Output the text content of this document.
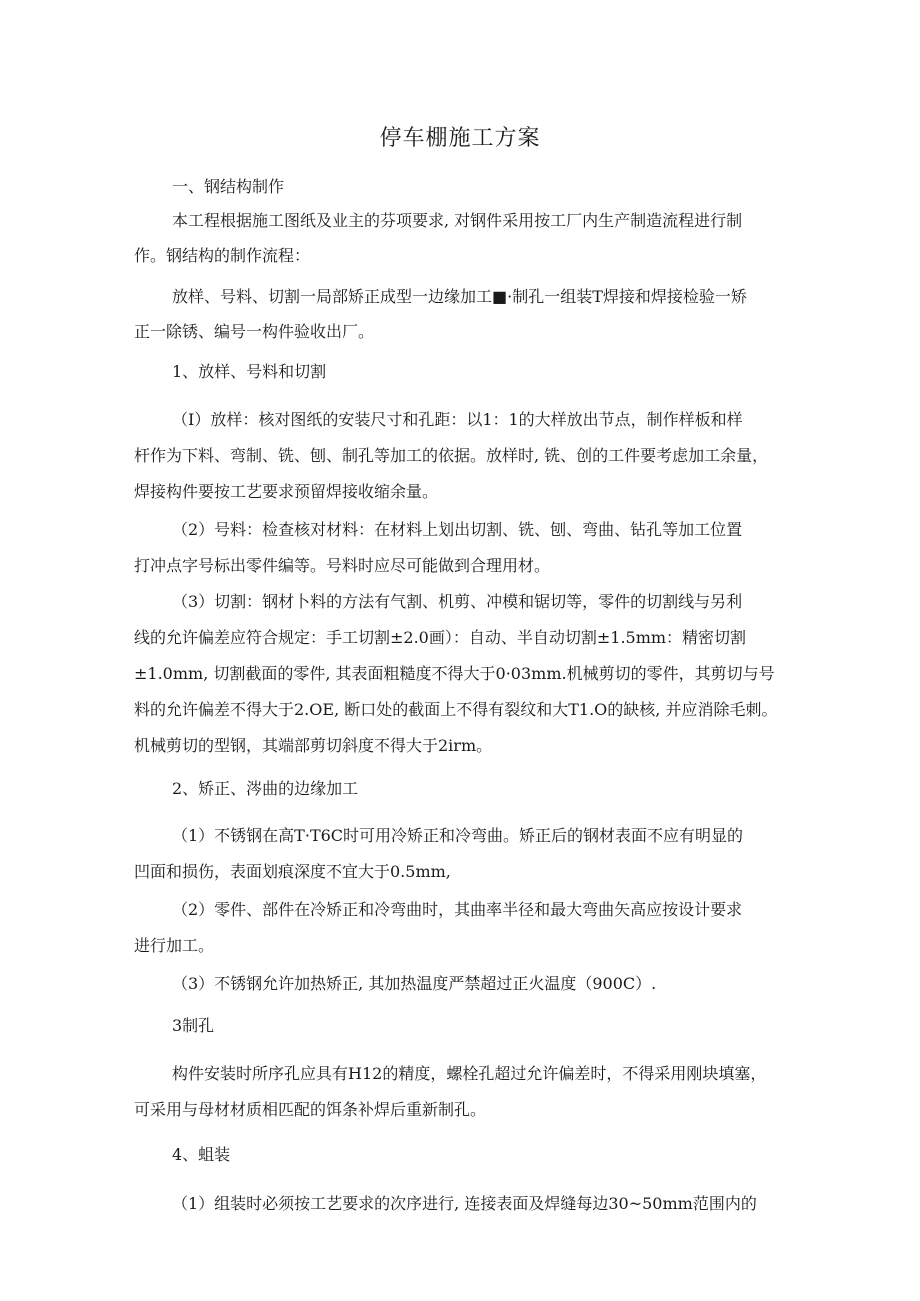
停车棚施工方案
一、钢结构制作
本工程根据施工图纸及业主的芬项要求, 对钢件采用按工厂内生产制造流程进行制
作。钢结构的制作流程：
放样、号料、切割一局部矫正成型一边缘加工■·制孔一组装T焊接和焊接检验一矫
正一除锈、编号一构件验收出厂。
1、放样、号料和切割
（I）放样：核对图纸的安装尺寸和孔距：以1：1的大样放出节点，制作样板和样
杆作为下料、弯制、铣、刨、制孔等加工的依据。放样时, 铣、创的工件要考虑加工余量，
焊接构件要按工艺要求预留焊接收缩余量。
（2）号料：检查核对材料：在材料上划出切割、铣、刨、弯曲、钻孔等加工位置
打冲点字号标出零件编等。号料时应尽可能做到合理用材。
（3）切割：钢材卜料的方法有气割、机剪、冲模和锯切等，零件的切割线与另利
线的允许偏差应符合规定：手工切割±2.0画）：自动、半自动切割±1.5mm：精密切割
±1.0mm, 切割截面的零件, 其表面粗糙度不得大于0·03mm.机械剪切的零件，其剪切与号
料的允许偏差不得大于2.OE, 断口处的截面上不得有裂纹和大T1.O的缺核, 并应消除毛刺。
机械剪切的型钢，其端部剪切斜度不得大于2irm。
2、矫正、涔曲的边缘加工
（1）不锈钢在高T·T6C时可用冷矫正和冷弯曲。矫正后的钢材表面不应有明显的
凹面和损伤，表面划痕深度不宜大于0.5mm,
（2）零件、部件在冷矫正和冷弯曲时，其曲率半径和最大弯曲矢高应按设计要求
进行加工。
（3）不锈钢允许加热矫正, 其加热温度严禁超过正火温度（900C）.
3制孔
构件安装时所序孔应具有H12的精度，螺栓孔超过允许偏差时，不得采用刚块填塞，
可采用与母材材质相匹配的饵条补焊后重新制孔。
4、蛆装
（1）组装时必须按工艺要求的次序进行, 连接表面及焊缝每边30~50mm范围内的
